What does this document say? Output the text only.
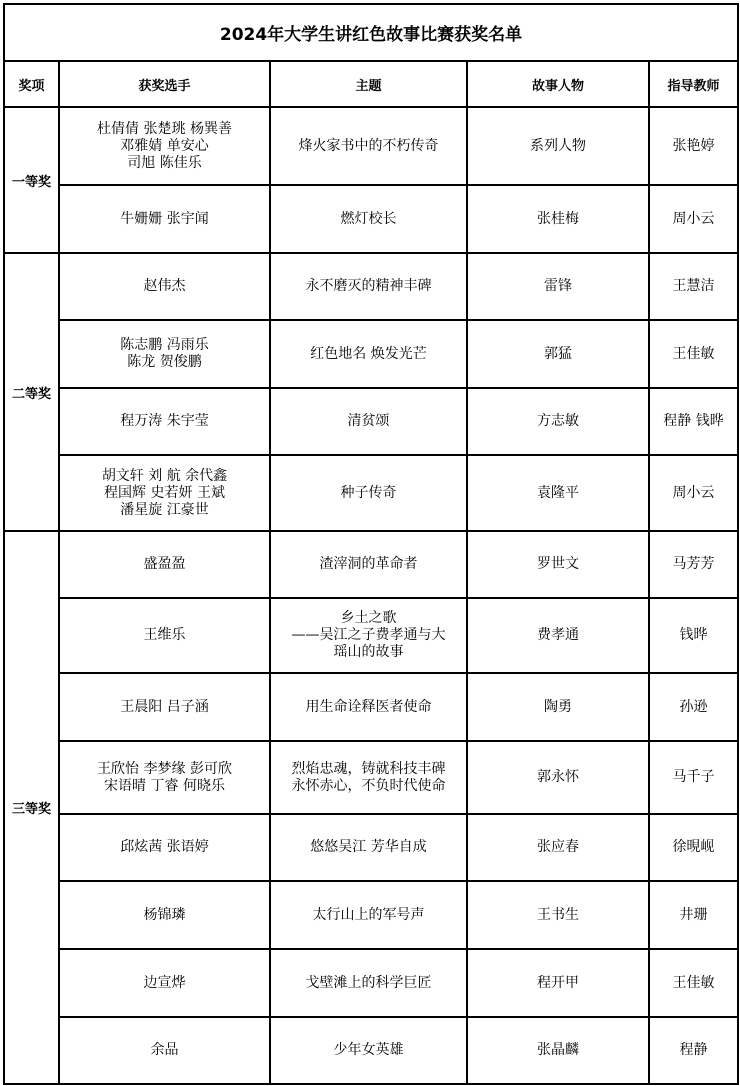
2024年大学生讲红色故事比赛获奖名单				
奖项	获奖选手	主题	故事人物	指导教师
一等奖	杜倩倩 张楚珧 杨巽善
邓雅婧 单安心
司旭 陈佳乐	烽火家书中的不朽传奇	系列人物	张艳婷

	牛姗姗 张宇闻	燃灯校长	张桂梅	周小云
二等奖	赵伟杰	永不磨灭的精神丰碑	雷锋	王慧洁

	陈志鹏 冯雨乐
陈龙 贺俊鹏	红色地名 焕发光芒	郭猛	王佳敏

	程万涛 朱宇莹	清贫颂	方志敏	程静 钱晔

	胡文轩 刘 航 余代鑫
程国辉 史若妍 王斌
潘星旋 江豪世	种子传奇	袁隆平	周小云
三等奖	盛盈盈	渣滓洞的革命者	罗世文	马芳芳

	王维乐	乡土之歌
——吴江之子费孝通与大
瑶山的故事	费孝通	钱晔

	王晨阳 吕子涵	用生命诠释医者使命	陶勇	孙逊

	王欣怡 李梦缘 彭可欣
宋语晴 丁睿 何晓乐	烈焰忠魂，铸就科技丰碑
永怀赤心，不负时代使命	郭永怀	马千子

	邱炫茜 张语婷	悠悠吴江 芳华自成	张应春	徐晛岘

	杨锦璘	太行山上的军号声	王书生	井珊

	边宣烨	戈壁滩上的科学巨匠	程开甲	王佳敏

	余品	少年女英雄	张晶麟	程静
